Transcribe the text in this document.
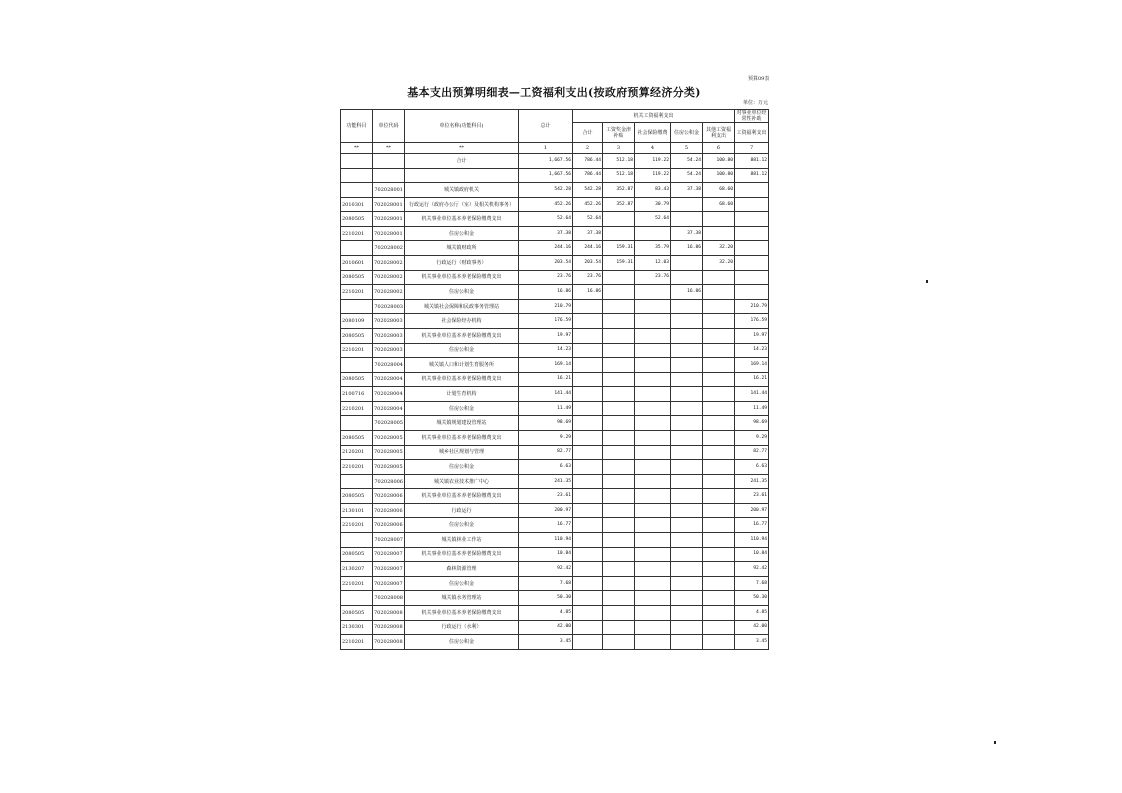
预算09表
基本支出预算明细表—工资福利支出(按政府预算经济分类)
单位：万元
功能科目	单位代码	单位名称(功能科目)	总计	机关工资福利支出					对事业单位经常性补助
				合计	工资奖金津补贴	社会保险缴费	住房公积金	其他工资福利支出	工资福利支出
**	**	**	1	2	3	4	5	6	7
		合计	1,667.56	786.44	512.18	119.22	54.24	100.80	881.12
			1,667.56	786.44	512.18	119.22	54.24	100.80	881.12
	702028001	城关镇政府机关	542.28	542.28	352.87	83.43	37.38	68.60	
2010301	702028001	行政运行（政府办公厅（室）及相关机构事务）	452.26	452.26	352.87	30.79		68.60	
2080505	702028001	机关事业单位基本养老保险缴费支出	52.64	52.64		52.64			
2210201	702028001	住房公积金	37.38	37.38			37.38		
	702028002	城关镇财政所	244.16	244.16	159.31	35.79	16.86	32.20	
2010601	702028002	行政运行（财政事务）	203.54	203.54	159.31	12.03		32.20	
2080505	702028002	机关事业单位基本养老保险缴费支出	23.76	23.76		23.76			
2210201	702028002	住房公积金	16.86	16.86			16.86		
	702028003	城关镇社会保障和民政事务管理站	210.79						210.79
2080109	702028003	社会保险经办机构	176.59						176.59
2080505	702028003	机关事业单位基本养老保险缴费支出	19.97						19.97
2210201	702028003	住房公积金	14.23						14.23
	702028004	城关镇人口和计划生育服务所	169.14						169.14
2080505	702028004	机关事业单位基本养老保险缴费支出	16.21						16.21
2100716	702028004	计划生育机构	141.44						141.44
2210201	702028004	住房公积金	11.49						11.49
	702028005	城关镇规划建设管理站	98.69						98.69
2080505	702028005	机关事业单位基本养老保险缴费支出	9.29						9.29
2120201	702028005	城乡社区规划与管理	82.77						82.77
2210201	702028005	住房公积金	6.63						6.63
	702028006	城关镇农业技术推广中心	241.35						241.35
2080505	702028006	机关事业单位基本养老保险缴费支出	23.61						23.61
2130101	702028006	行政运行	200.97						200.97
2210201	702028006	住房公积金	16.77						16.77
	702028007	城关镇林业工作站	110.94						110.94
2080505	702028007	机关事业单位基本养老保险缴费支出	10.84						10.84
2130207	702028007	森林资源管理	92.42						92.42
2210201	702028007	住房公积金	7.68						7.68
	702028008	城关镇水务管理站	50.30						50.30
2080505	702028008	机关事业单位基本养老保险缴费支出	4.85						4.85
2130301	702028008	行政运行（水利）	42.00						42.00
2210201	702028008	住房公积金	3.45						3.45
